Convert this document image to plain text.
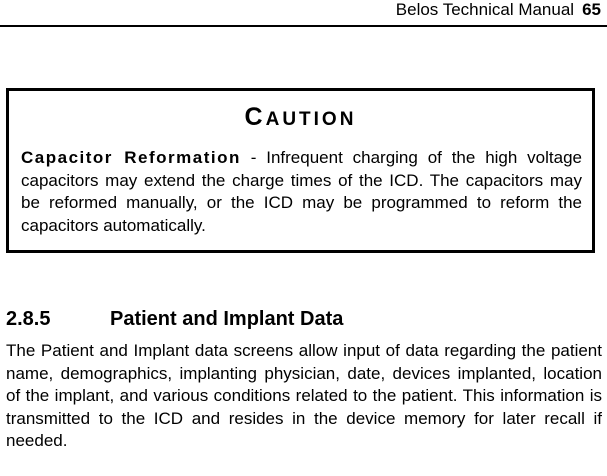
Belos Technical Manual 65
CAUTION
Capacitor Reformation - Infrequent charging of the high voltage capacitors may extend the charge times of the ICD. The capacitors may be reformed manually, or the ICD may be programmed to reform the capacitors automatically.
2.8.5	Patient and Implant Data
The Patient and Implant data screens allow input of data regarding the patient name, demographics, implanting physician, date, devices implanted, location of the implant, and various conditions related to the patient. This information is transmitted to the ICD and resides in the device memory for later recall if needed.
